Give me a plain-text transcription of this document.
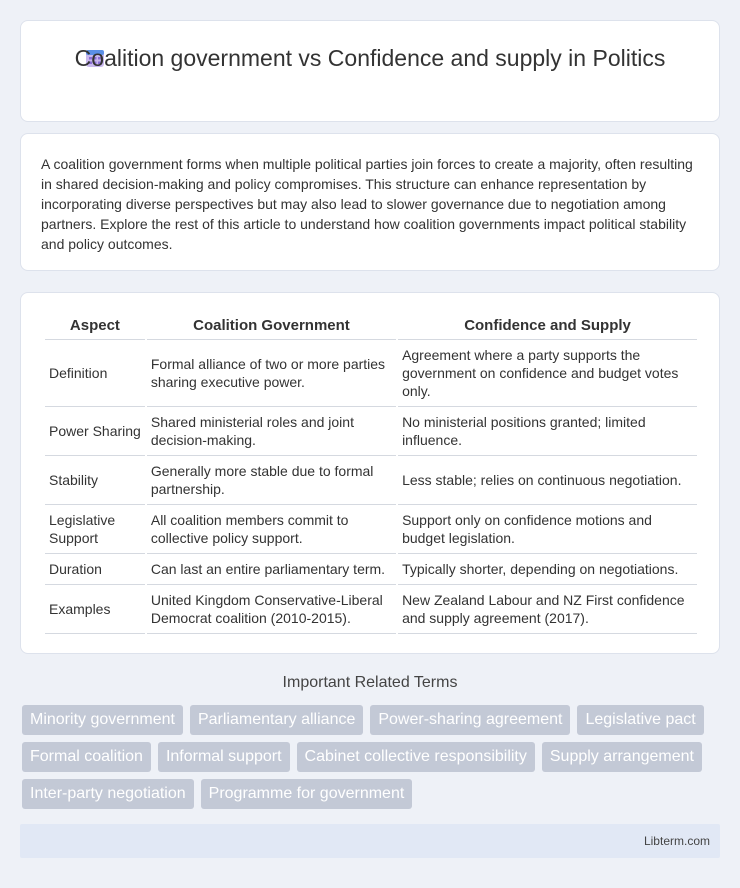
Coalition government vs Confidence and supply in Politics

A coalition government forms when multiple political parties join forces to create a majority, often resulting in shared decision-making and policy compromises. This structure can enhance representation by incorporating diverse perspectives but may also lead to slower governance due to negotiation among partners. Explore the rest of this article to understand how coalition governments impact political stability and policy outcomes.

Aspect	Coalition Government	Confidence and Supply
Definition	Formal alliance of two or more parties sharing executive power.	Agreement where a party supports the government on confidence and budget votes only.
Power Sharing	Shared ministerial roles and joint decision-making.	No ministerial positions granted; limited influence.
Stability	Generally more stable due to formal partnership.	Less stable; relies on continuous negotiation.
Legislative Support	All coalition members commit to collective policy support.	Support only on confidence motions and budget legislation.
Duration	Can last an entire parliamentary term.	Typically shorter, depending on negotiations.
Examples	United Kingdom Conservative-Liberal Democrat coalition (2010-2015).	New Zealand Labour and NZ First confidence and supply agreement (2017).
Important Related Terms
Minority government	Parliamentary alliance	Power-sharing agreement	Legislative pact
Formal coalition	Informal support	Cabinet collective responsibility	Supply arrangement
Inter-party negotiation	Programme for government
Libterm.com
